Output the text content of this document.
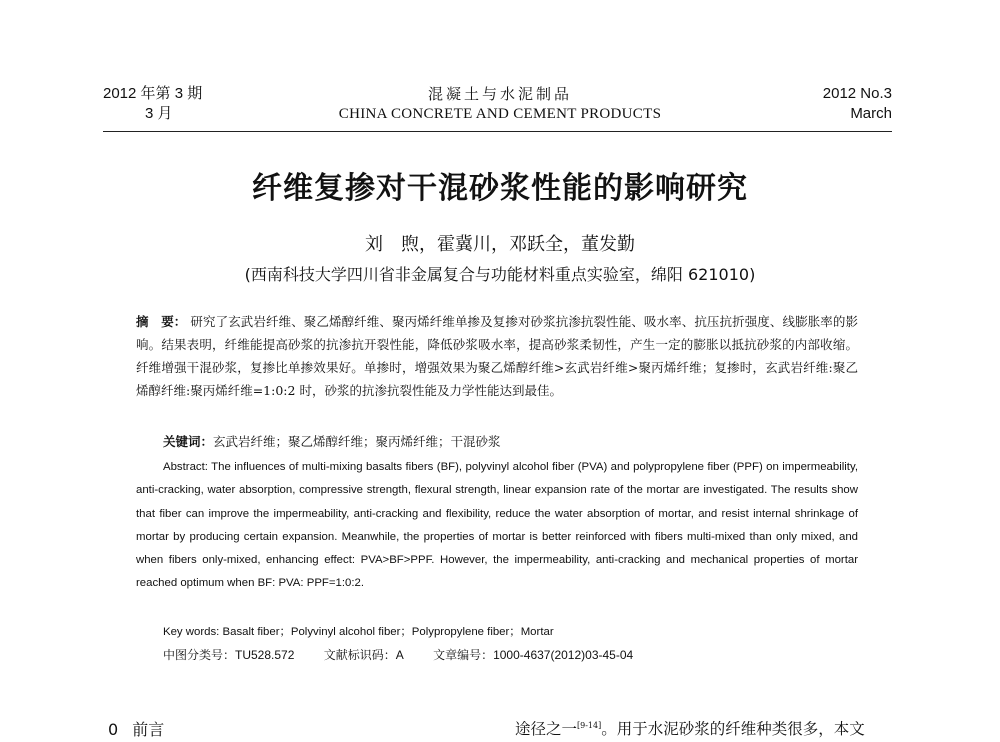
2012 年第 3 期
3 月
混凝土与水泥制品
CHINA CONCRETE AND CEMENT PRODUCTS
2012 No.3
March
纤维复掺对干混砂浆性能的影响研究
刘　煦，霍冀川，邓跃全，董发勤
(西南科技大学四川省非金属复合与功能材料重点实验室，绵阳 621010)
摘　要： 研究了玄武岩纤维、聚乙烯醇纤维、聚丙烯纤维单掺及复掺对砂浆抗渗抗裂性能、吸水率、抗压抗折强度、线膨胀率的影响。结果表明，纤维能提高砂浆的抗渗抗开裂性能，降低砂浆吸水率，提高砂浆柔韧性，产生一定的膨胀以抵抗砂浆的内部收缩。纤维增强干混砂浆，复掺比单掺效果好。单掺时，增强效果为聚乙烯醇纤维>玄武岩纤维>聚丙烯纤维；复掺时，玄武岩纤维:聚乙烯醇纤维:聚丙烯纤维=1:0:2 时，砂浆的抗渗抗裂性能及力学性能达到最佳。
关键词：玄武岩纤维；聚乙烯醇纤维；聚丙烯纤维；干混砂浆
Abstract: The influences of multi-mixing basalts fibers (BF), polyvinyl alcohol fiber (PVA) and polypropylene fiber (PPF) on impermeability, anti-cracking, water absorption, compressive strength, flexural strength, linear expansion rate of the mortar are investigated. The results show that fiber can improve the impermeability, anti-cracking and flexibility, reduce the water absorption of mortar, and resist internal shrinkage of mortar by producing certain expansion. Meanwhile, the properties of mortar is better reinforced with fibers multi-mixed than only mixed, and when fibers only-mixed, enhancing effect: PVA>BF>PPF. However, the impermeability, anti-cracking and mechanical properties of mortar reached optimum when BF: PVA: PPF=1:0:2.
Key words: Basalt fiber；Polyvinyl alcohol fiber；Polypropylene fiber；Mortar
中图分类号：TU528.572 文献标识码：A 文章编号：1000-4637(2012)03-45-04
0 前言	途径之一[9-14]。用于水泥砂浆的纤维种类很多，本文
